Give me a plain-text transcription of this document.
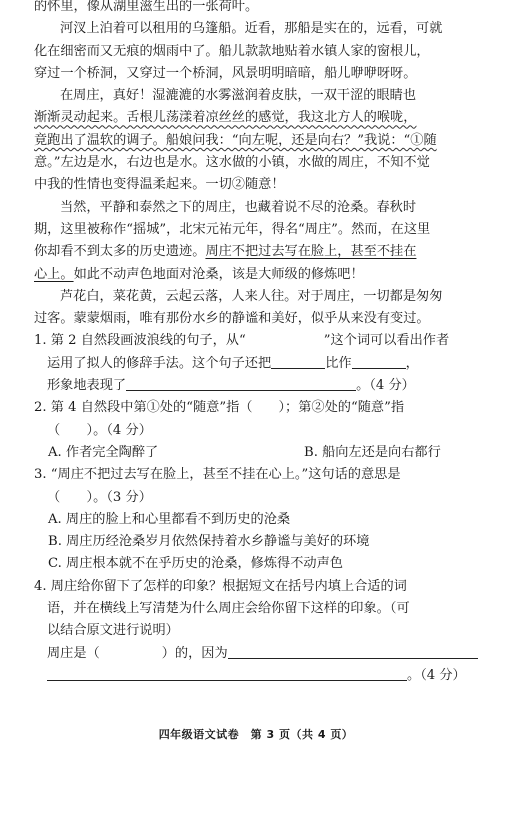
的怀里，像从湖里滋生出的一张荷叶。
河汊上泊着可以租用的乌篷船。近看，那船是实在的，远看，可就
化在细密而又无痕的烟雨中了。船儿款款地贴着水镇人家的窗根儿，
穿过一个桥洞，又穿过一个桥洞，风景明明暗暗，船儿咿咿呀呀。
在周庄，真好！湿漉漉的水雾滋润着皮肤，一双干涩的眼睛也
渐渐灵动起来。舌根儿荡漾着凉丝丝的感觉，我这北方人的喉咙，
竟跑出了温软的调子。船娘问我：“向左呢，还是向右？”我说：“①随
意。”左边是水，右边也是水。这水做的小镇，水做的周庄，不知不觉
中我的性情也变得温柔起来。一切②随意！
当然，平静和泰然之下的周庄，也藏着说不尽的沧桑。春秋时
期，这里被称作“摇城”，北宋元祐元年，得名“周庄”。然而，在这里
你却看不到太多的历史遗迹。周庄不把过去写在脸上，甚至不挂在
心上。如此不动声色地面对沧桑，该是大师级的修炼吧！
芦花白，菜花黄，云起云落，人来人往。对于周庄，一切都是匆匆
过客。蒙蒙烟雨，唯有那份水乡的静谧和美好，似乎从来没有变过。
1. 第 2 自然段画波浪线的句子，从“	”这个词可以看出作者
运用了拟人的修辞手法。这个句子还把	比作	，
形象地表现了	。（4 分）
2. 第 4 自然段中第①处的“随意”指（ ）；第②处的“随意”指
（　　）。（4 分）
A. 作者完全陶醉了	B. 船向左还是向右都行
3. “周庄不把过去写在脸上，甚至不挂在心上。”这句话的意思是
（　　）。（3 分）
A. 周庄的脸上和心里都看不到历史的沧桑
B. 周庄历经沧桑岁月依然保持着水乡静谧与美好的环境
C. 周庄根本就不在乎历史的沧桑，修炼得不动声色
4. 周庄给你留下了怎样的印象？根据短文在括号内填上合适的词
语，并在横线上写清楚为什么周庄会给你留下这样的印象。（可
以结合原文进行说明）
周庄是（	）的，因为
。（4 分）
四年级语文试卷　第 3 页（共 4 页）
